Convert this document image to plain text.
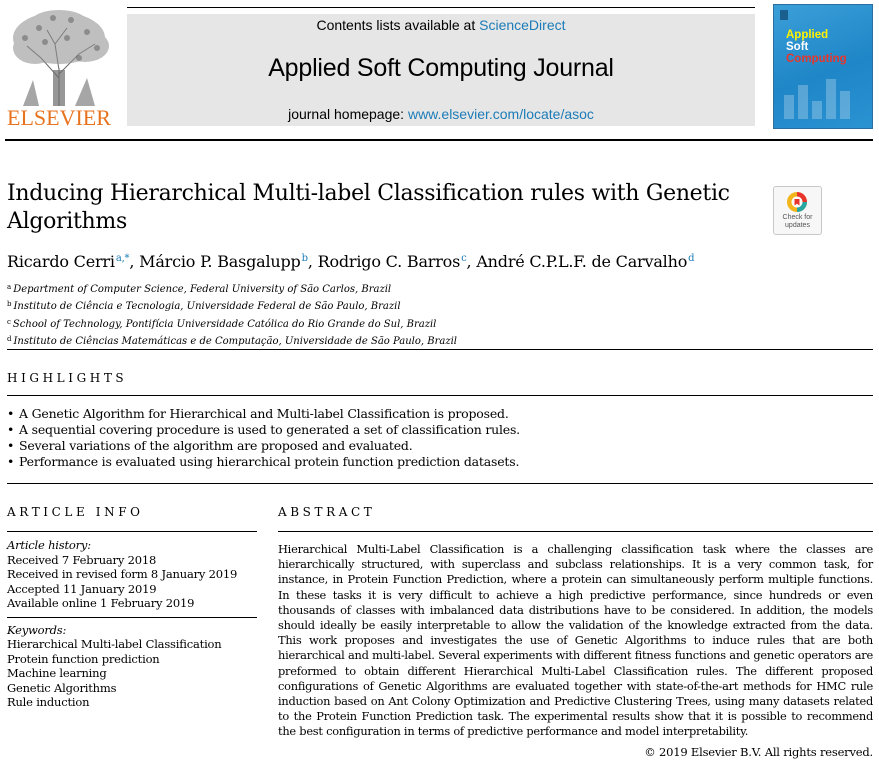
ELSEVIER
Contents lists available at ScienceDirect
Applied Soft Computing Journal
journal homepage: www.elsevier.com/locate/asoc
Applied
Soft
Computing
Inducing Hierarchical Multi-label Classification rules with Genetic Algorithms	Check for
updates
Ricardo Cerri$^{a,*}$, Márcio P. Basgalupp$^b$, Rodrigo C. Barros$^c$, André C.P.L.F. de Carvalho$^d$
$^a$ Department of Computer Science, Federal University of São Carlos, Brazil
$^b$ Instituto de Ciência e Tecnologia, Universidade Federal de São Paulo, Brazil
$^c$ School of Technology, Pontifícia Universidade Católica do Rio Grande do Sul, Brazil
$^d$ Instituto de Ciências Matemáticas e de Computação, Universidade de São Paulo, Brazil
HIGHLIGHTS
• A Genetic Algorithm for Hierarchical and Multi-label Classification is proposed.
• A sequential covering procedure is used to generated a set of classification rules.
• Several variations of the algorithm are proposed and evaluated.
• Performance is evaluated using hierarchical protein function prediction datasets.
ARTICLE INFO
Article history:
Received 7 February 2018
Received in revised form 8 January 2019
Accepted 11 January 2019
Available online 1 February 2019
Keywords:
Hierarchical Multi-label Classification
Protein function prediction
Machine learning
Genetic Algorithms
Rule induction
ABSTRACT
Hierarchical Multi-Label Classification is a challenging classification task where the classes are hierarchically structured, with superclass and subclass relationships. It is a very common task, for instance, in Protein Function Prediction, where a protein can simultaneously perform multiple functions. In these tasks it is very difficult to achieve a high predictive performance, since hundreds or even thousands of classes with imbalanced data distributions have to be considered. In addition, the models should ideally be easily interpretable to allow the validation of the knowledge extracted from the data. This work proposes and investigates the use of Genetic Algorithms to induce rules that are both hierarchical and multi-label. Several experiments with different fitness functions and genetic operators are preformed to obtain different Hierarchical Multi-Label Classification rules. The different proposed configurations of Genetic Algorithms are evaluated together with state-of-the-art methods for HMC rule induction based on Ant Colony Optimization and Predictive Clustering Trees, using many datasets related to the Protein Function Prediction task. The experimental results show that it is possible to recommend the best configuration in terms of predictive performance and model interpretability.
© 2019 Elsevier B.V. All rights reserved.
